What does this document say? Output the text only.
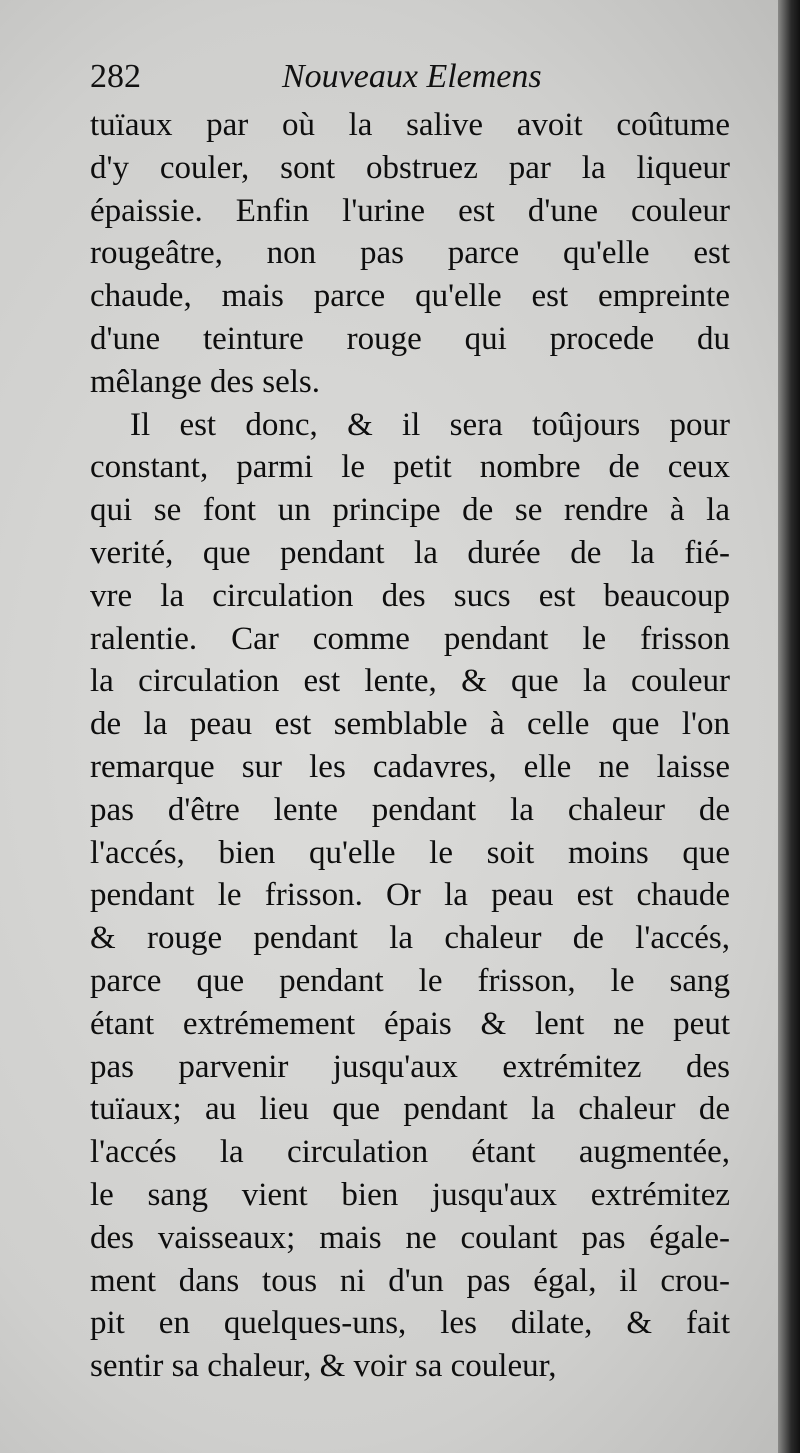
282	Nouveaux Elemens
tuïaux par où la salive avoit coûtume
d'y couler, sont obstruez par la liqueur
épaissie. Enfin l'urine est d'une couleur
rougeâtre, non pas parce qu'elle est
chaude, mais parce qu'elle est empreinte
d'une teinture rouge qui procede du
mêlange des sels.
Il est donc, & il sera toûjours pour
constant, parmi le petit nombre de ceux
qui se font un principe de se rendre à la
verité, que pendant la durée de la fié-
vre la circulation des sucs est beaucoup
ralentie. Car comme pendant le frisson
la circulation est lente, & que la couleur
de la peau est semblable à celle que l'on
remarque sur les cadavres, elle ne laisse
pas d'être lente pendant la chaleur de
l'accés, bien qu'elle le soit moins que
pendant le frisson. Or la peau est chaude
& rouge pendant la chaleur de l'accés,
parce que pendant le frisson, le sang
étant extrémement épais & lent ne peut
pas parvenir jusqu'aux extrémitez des
tuïaux; au lieu que pendant la chaleur de
l'accés la circulation étant augmentée,
le sang vient bien jusqu'aux extrémitez
des vaisseaux; mais ne coulant pas égale-
ment dans tous ni d'un pas égal, il crou-
pit en quelques-uns, les dilate, & fait
sentir sa chaleur, & voir sa couleur,
